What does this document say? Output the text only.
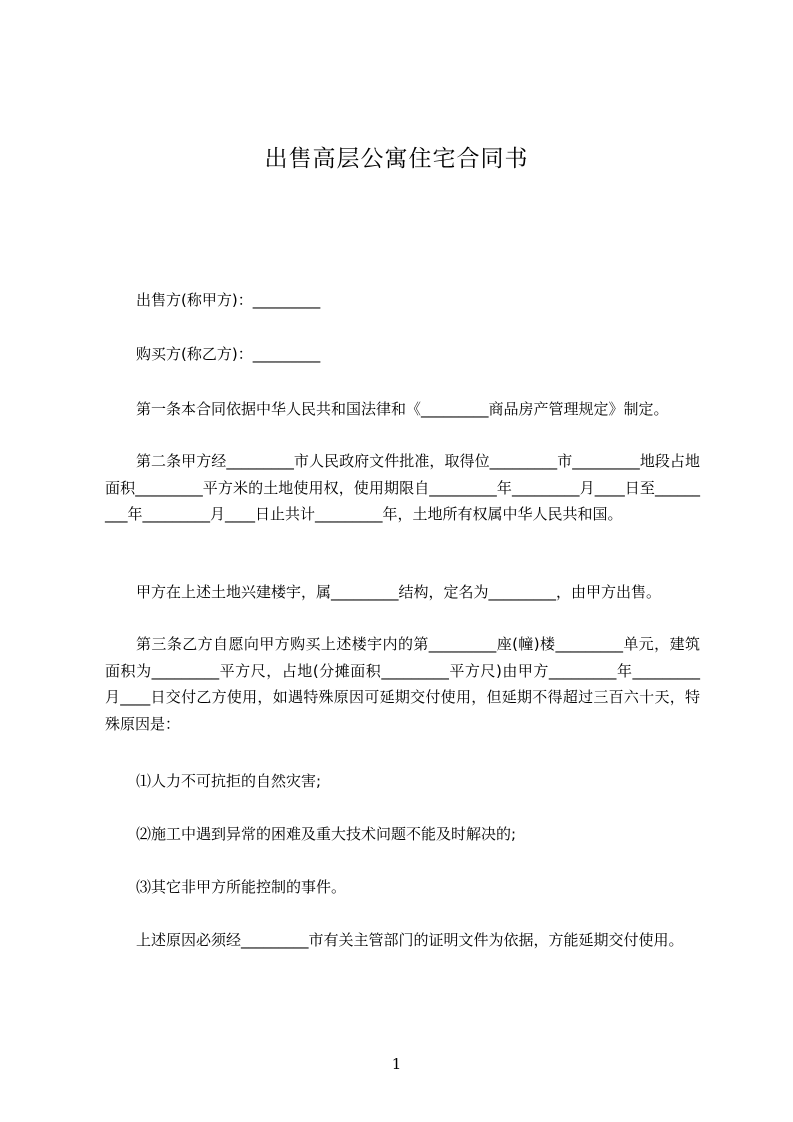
出售高层公寓住宅合同书
出售方(称甲方)：_________
购买方(称乙方)：_________
第一条本合同依据中华人民共和国法律和《_________商品房产管理规定》制定。
第二条甲方经_________市人民政府文件批准，取得位_________市_________地段占地面积_________平方米的土地使用权，使用期限自_________年_________月____日至_________年_________月____日止共计_________年，土地所有权属中华人民共和国。
甲方在上述土地兴建楼宇，属_________结构，定名为_________，由甲方出售。
第三条乙方自愿向甲方购买上述楼宇内的第_________座(幢)楼_________单元，建筑面积为_________平方尺，占地(分摊面积_________平方尺)由甲方_________年_________月____日交付乙方使用，如遇特殊原因可延期交付使用，但延期不得超过三百六十天，特殊原因是：
⑴人力不可抗拒的自然灾害;
⑵施工中遇到异常的困难及重大技术问题不能及时解决的;
⑶其它非甲方所能控制的事件。
上述原因必须经_________市有关主管部门的证明文件为依据，方能延期交付使用。
1
